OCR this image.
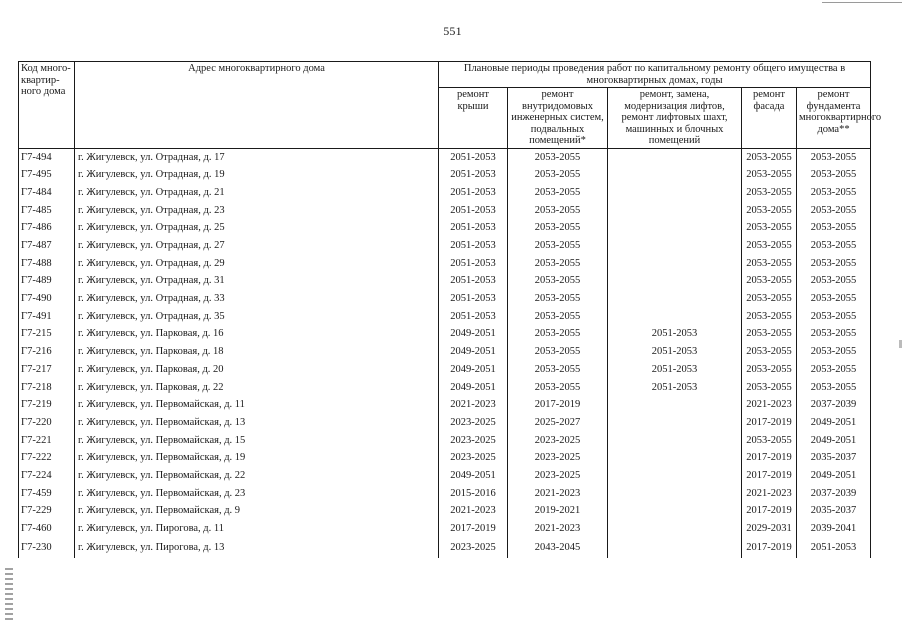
551
Код много-квартир-ного дома	Адрес многоквартирного дома	Плановые периоды проведения работ по капитальному ремонту общего имущества в многоквартирных домах, годы				
		ремонт крыши	ремонт внутридомовых инженерных систем, подвальных помещений*	ремонт, замена, модернизация лифтов, ремонт лифтовых шахт, машинных и блочных помещений	ремонт фасада	ремонт фундамента многоквартирного дома**
Г7-494	г. Жигулевск, ул. Отрадная, д. 17	2051-2053	2053-2055		2053-2055	2053-2055
Г7-495	г. Жигулевск, ул. Отрадная, д. 19	2051-2053	2053-2055		2053-2055	2053-2055
Г7-484	г. Жигулевск, ул. Отрадная, д. 21	2051-2053	2053-2055		2053-2055	2053-2055
Г7-485	г. Жигулевск, ул. Отрадная, д. 23	2051-2053	2053-2055		2053-2055	2053-2055
Г7-486	г. Жигулевск, ул. Отрадная, д. 25	2051-2053	2053-2055		2053-2055	2053-2055
Г7-487	г. Жигулевск, ул. Отрадная, д. 27	2051-2053	2053-2055		2053-2055	2053-2055
Г7-488	г. Жигулевск, ул. Отрадная, д. 29	2051-2053	2053-2055		2053-2055	2053-2055
Г7-489	г. Жигулевск, ул. Отрадная, д. 31	2051-2053	2053-2055		2053-2055	2053-2055
Г7-490	г. Жигулевск, ул. Отрадная, д. 33	2051-2053	2053-2055		2053-2055	2053-2055
Г7-491	г. Жигулевск, ул. Отрадная, д. 35	2051-2053	2053-2055		2053-2055	2053-2055
Г7-215	г. Жигулевск, ул. Парковая, д. 16	2049-2051	2053-2055	2051-2053	2053-2055	2053-2055
Г7-216	г. Жигулевск, ул. Парковая, д. 18	2049-2051	2053-2055	2051-2053	2053-2055	2053-2055
Г7-217	г. Жигулевск, ул. Парковая, д. 20	2049-2051	2053-2055	2051-2053	2053-2055	2053-2055
Г7-218	г. Жигулевск, ул. Парковая, д. 22	2049-2051	2053-2055	2051-2053	2053-2055	2053-2055
Г7-219	г. Жигулевск, ул. Первомайская, д. 11	2021-2023	2017-2019		2021-2023	2037-2039
Г7-220	г. Жигулевск, ул. Первомайская, д. 13	2023-2025	2025-2027		2017-2019	2049-2051
Г7-221	г. Жигулевск, ул. Первомайская, д. 15	2023-2025	2023-2025		2053-2055	2049-2051
Г7-222	г. Жигулевск, ул. Первомайская, д. 19	2023-2025	2023-2025		2017-2019	2035-2037
Г7-224	г. Жигулевск, ул. Первомайская, д. 22	2049-2051	2023-2025		2017-2019	2049-2051
Г7-459	г. Жигулевск, ул. Первомайская, д. 23	2015-2016	2021-2023		2021-2023	2037-2039
Г7-229	г. Жигулевск, ул. Первомайская, д. 9	2021-2023	2019-2021		2017-2019	2035-2037
Г7-460	г. Жигулевск, ул. Пирогова, д. 11	2017-2019	2021-2023		2029-2031	2039-2041
Г7-230	г. Жигулевск, ул. Пирогова, д. 13	2023-2025	2043-2045		2017-2019	2051-2053
